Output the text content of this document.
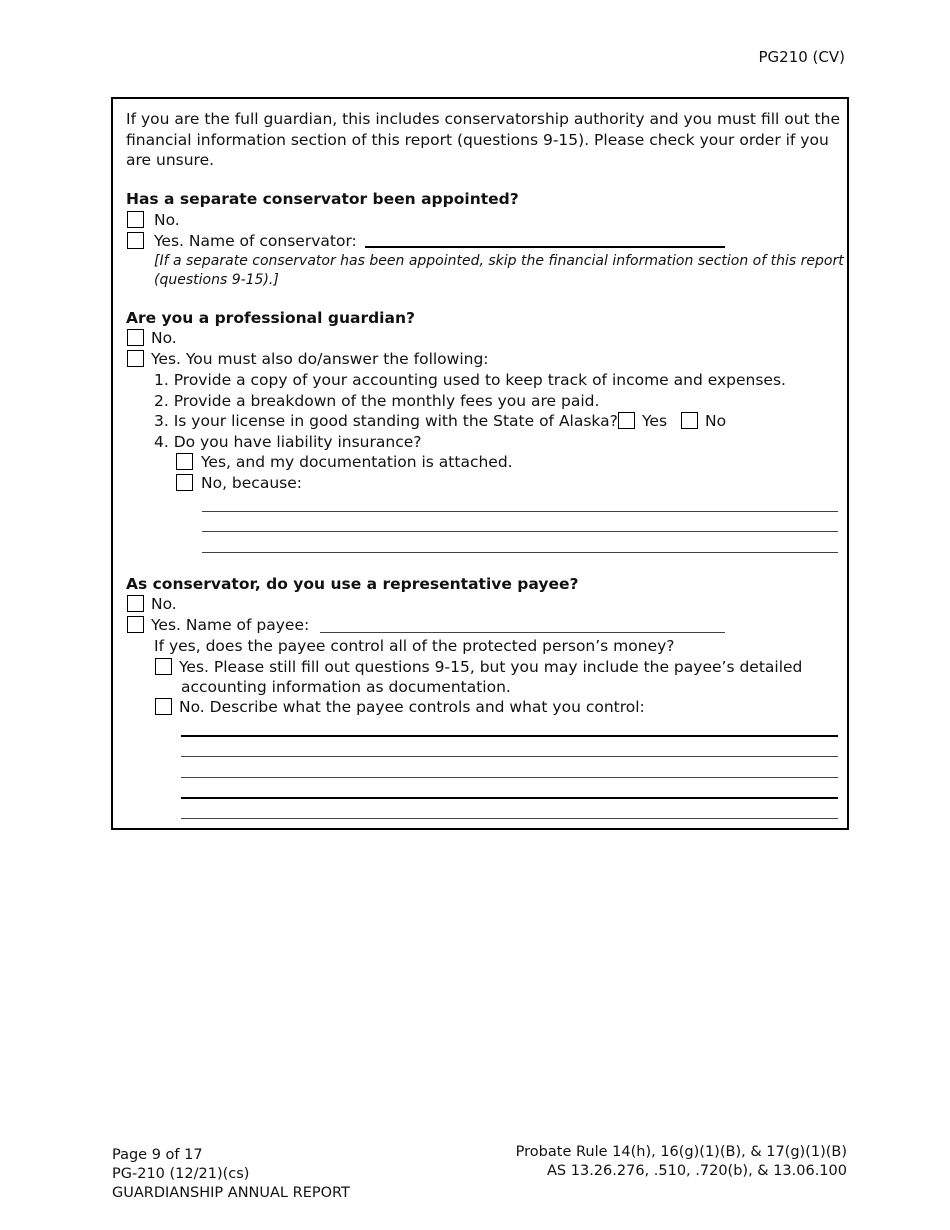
PG210 (CV)
If you are the full guardian, this includes conservatorship authority and you must fill out the
financial information section of this report (questions 9-15). Please check your order if you
are unsure.
Has a separate conservator been appointed?
No.
Yes. Name of conservator:
[If a separate conservator has been appointed, skip the financial information section of this report
(questions 9-15).]
Are you a professional guardian?
No.
Yes. You must also do/answer the following:
1. Provide a copy of your accounting used to keep track of income and expenses.
2. Provide a breakdown of the monthly fees you are paid.
3. Is your license in good standing with the State of Alaska? Yes No
4. Do you have liability insurance?
Yes, and my documentation is attached.
No, because:
As conservator, do you use a representative payee?
No.
Yes. Name of payee:
If yes, does the payee control all of the protected person’s money?
Yes. Please still fill out questions 9-15, but you may include the payee’s detailed
accounting information as documentation.
No. Describe what the payee controls and what you control:
Page 9 of 17
PG-210 (12/21)(cs)
GUARDIANSHIP ANNUAL REPORT
Probate Rule 14(h), 16(g)(1)(B), & 17(g)(1)(B)
AS 13.26.276, .510, .720(b), & 13.06.100
